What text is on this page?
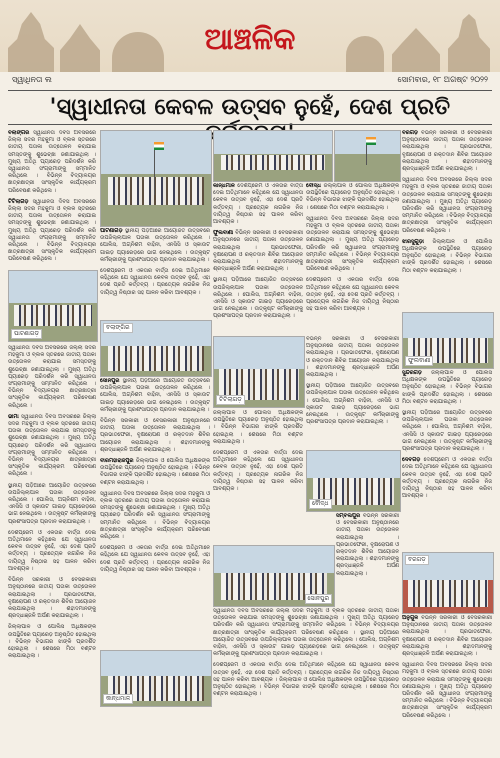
ଆଞ୍ଚଳିକ
ସ୍ୱାଧିନତା ଲ	ସୋମବାର, ୧୮ ଅଗଷ୍ଟ ୨୦୨୨
'ସ୍ୱାଧୀନତା କେବଳ ଉତ୍ସବ ନୁହେଁ, ଦେଶ ପ୍ରତି

ବଲାଙ୍ଗିର ସ୍ୱାଧୀନତା ଦିବସ ଅବସରରେ ଜିଲ୍ଲା ସଦର ମହକୁମା ଓ ବ୍ଲକ ସ୍ତରରେ ଜାତୀୟ ପତାକା ଉତ୍ତୋଳନ କରାଯାଇ ସମସ୍ତଙ୍କୁ ଶୁଭେଚ୍ଛା ଜଣାଯାଇଥିଲା । ମୁଖ୍ୟ ଅତିଥି ପ୍ୟାରେଡ଼ ପରିଦର୍ଶନ କରି ସ୍ୱାଧୀନତା ସଂଗ୍ରାମୀଙ୍କୁ ସମ୍ମାନିତ କରିଥିଲେ । ବିଭିନ୍ନ ବିଦ୍ୟାଳୟର ଛାତ୍ରଛାତ୍ରୀ ସାଂସ୍କୃତିକ କାର୍ଯ୍ୟକ୍ରମ ପରିବେଷଣ କରିଥିଲେ ।

ଟିଟିଲାଗଡ଼ ସ୍ୱାଧୀନତା ଦିବସ ଅବସରରେ ଜିଲ୍ଲା ସଦର ମହକୁମା ଓ ବ୍ଲକ ସ୍ତରରେ ଜାତୀୟ ପତାକା ଉତ୍ତୋଳନ କରାଯାଇ ସମସ୍ତଙ୍କୁ ଶୁଭେଚ୍ଛା ଜଣାଯାଇଥିଲା । ମୁଖ୍ୟ ଅତିଥି ପ୍ୟାରେଡ଼ ପରିଦର୍ଶନ କରି ସ୍ୱାଧୀନତା ସଂଗ୍ରାମୀଙ୍କୁ ସମ୍ମାନିତ କରିଥିଲେ । ବିଭିନ୍ନ ବିଦ୍ୟାଳୟର ଛାତ୍ରଛାତ୍ରୀ ସାଂସ୍କୃତିକ କାର୍ଯ୍ୟକ୍ରମ ପରିବେଷଣ କରିଥିଲେ ।

ପାଟଣାଗଡ଼

ସ୍ୱାଧୀନତା ଦିବସ ଅବସରରେ ଜିଲ୍ଲା ସଦର ମହକୁମା ଓ ବ୍ଲକ ସ୍ତରରେ ଜାତୀୟ ପତାକା ଉତ୍ତୋଳନ କରାଯାଇ ସମସ୍ତଙ୍କୁ ଶୁଭେଚ୍ଛା ଜଣାଯାଇଥିଲା । ମୁଖ୍ୟ ଅତିଥି ପ୍ୟାରେଡ଼ ପରିଦର୍ଶନ କରି ସ୍ୱାଧୀନତା ସଂଗ୍ରାମୀଙ୍କୁ ସମ୍ମାନିତ କରିଥିଲେ । ବିଭିନ୍ନ ବିଦ୍ୟାଳୟର ଛାତ୍ରଛାତ୍ରୀ ସାଂସ୍କୃତିକ କାର୍ଯ୍ୟକ୍ରମ ପରିବେଷଣ କରିଥିଲେ ।

ଭୀମା ସ୍ୱାଧୀନତା ଦିବସ ଅବସରରେ ଜିଲ୍ଲା ସଦର ମହକୁମା ଓ ବ୍ଲକ ସ୍ତରରେ ଜାତୀୟ ପତାକା ଉତ୍ତୋଳନ କରାଯାଇ ସମସ୍ତଙ୍କୁ ଶୁଭେଚ୍ଛା ଜଣାଯାଇଥିଲା । ମୁଖ୍ୟ ଅତିଥି ପ୍ୟାରେଡ଼ ପରିଦର୍ଶନ କରି ସ୍ୱାଧୀନତା ସଂଗ୍ରାମୀଙ୍କୁ ସମ୍ମାନିତ କରିଥିଲେ । ବିଭିନ୍ନ ବିଦ୍ୟାଳୟର ଛାତ୍ରଛାତ୍ରୀ ସାଂସ୍କୃତିକ କାର୍ଯ୍ୟକ୍ରମ ପରିବେଷଣ କରିଥିଲେ ।

ସ୍ଥାନୀୟ ପଡ଼ିଆରେ ଆୟୋଜିତ ଉତ୍ସବରେ ଉପଜିଲ୍ଲାପାଳ ପତାକା ଉତ୍ତୋଳନ କରିଥିଲେ । ପୋଲିସ, ଅଗ୍ନିଶମ ବାହିନୀ, ଏନସିସି ଓ ସ୍କାଉଟ ଗାଇଡ଼ ପ୍ୟାରେଡ଼ରେ ଭାଗ ନେଇଥିଲେ । ଉତ୍କୃଷ୍ଟ କର୍ମଚାରୀଙ୍କୁ ପ୍ରଶଂସାପତ୍ର ପ୍ରଦାନ କରାଯାଇଥିଲା ।

ଦେଶପ୍ରେମ ଓ ଏକତାର ବାର୍ତ୍ତା ଦେଇ ଅତିଥିମାନେ କହିଥିଲେ ଯେ ସ୍ୱାଧୀନତା କେବଳ ଉତ୍ସବ ନୁହେଁ, ଏହା ଦେଶ ପ୍ରତି କର୍ତ୍ତବ୍ୟ । ପ୍ରତ୍ୟେକ ନାଗରିକ ନିଜ ଦାୟିତ୍ୱ ନିଷ୍ଠାର ସହ ପାଳନ କରିବା ଆବଶ୍ୟକ ।

ବିଭିନ୍ନ ସରକାରୀ ଓ ବେସରକାରୀ ଅନୁଷ୍ଠାନରେ ଜାତୀୟ ପତାକା ଉତ୍ତୋଳନ କରାଯାଇଥିଲା । ପ୍ରଭାତଫେରୀ, ବୃକ୍ଷରୋପଣ ଓ ରକ୍ତଦାନ ଶିବିର ଆୟୋଜନ କରାଯାଇଥିଲା । ଶହୀଦମାନଙ୍କୁ ଶ୍ରଦ୍ଧାଞ୍ଜଳି ଅର୍ପଣ କରାଯାଇଥିଲା ।

ଜିଲ୍ଲାପାଳ ଓ ପୋଲିସ ଅଧିକ୍ଷକଙ୍କ ଉପସ୍ଥିତିରେ ପ୍ୟାରେଡ଼ ଅନୁଷ୍ଠିତ ହୋଇଥିଲା । ବିଭିନ୍ନ ବିଭାଗର ଝାଙ୍କି ପ୍ରଦର୍ଶିତ ହୋଇଥିଲା । ଶେଷରେ ମିଠା ବଣ୍ଟନ କରାଯାଇଥିଲା ।

ପାଟଣାଗଡ଼ ସ୍ଥାନୀୟ ପଡ଼ିଆରେ ଆୟୋଜିତ ଉତ୍ସବରେ ଉପଜିଲ୍ଲାପାଳ ପତାକା ଉତ୍ତୋଳନ କରିଥିଲେ । ପୋଲିସ, ଅଗ୍ନିଶମ ବାହିନୀ, ଏନସିସି ଓ ସ୍କାଉଟ ଗାଇଡ଼ ପ୍ୟାରେଡ଼ରେ ଭାଗ ନେଇଥିଲେ । ଉତ୍କୃଷ୍ଟ କର୍ମଚାରୀଙ୍କୁ ପ୍ରଶଂସାପତ୍ର ପ୍ରଦାନ କରାଯାଇଥିଲା ।

ଦେଶପ୍ରେମ ଓ ଏକତାର ବାର୍ତ୍ତା ଦେଇ ଅତିଥିମାନେ କହିଥିଲେ ଯେ ସ୍ୱାଧୀନତା କେବଳ ଉତ୍ସବ ନୁହେଁ, ଏହା ଦେଶ ପ୍ରତି କର୍ତ୍ତବ୍ୟ । ପ୍ରତ୍ୟେକ ନାଗରିକ ନିଜ ଦାୟିତ୍ୱ ନିଷ୍ଠାର ସହ ପାଳନ କରିବା ଆବଶ୍ୟକ ।

ବଲାଙ୍ଗିର

ସୋନପୁର ସ୍ଥାନୀୟ ପଡ଼ିଆରେ ଆୟୋଜିତ ଉତ୍ସବରେ ଉପଜିଲ୍ଲାପାଳ ପତାକା ଉତ୍ତୋଳନ କରିଥିଲେ । ପୋଲିସ, ଅଗ୍ନିଶମ ବାହିନୀ, ଏନସିସି ଓ ସ୍କାଉଟ ଗାଇଡ଼ ପ୍ୟାରେଡ଼ରେ ଭାଗ ନେଇଥିଲେ । ଉତ୍କୃଷ୍ଟ କର୍ମଚାରୀଙ୍କୁ ପ୍ରଶଂସାପତ୍ର ପ୍ରଦାନ କରାଯାଇଥିଲା ।

ବିଭିନ୍ନ ସରକାରୀ ଓ ବେସରକାରୀ ଅନୁଷ୍ଠାନରେ ଜାତୀୟ ପତାକା ଉତ୍ତୋଳନ କରାଯାଇଥିଲା । ପ୍ରଭାତଫେରୀ, ବୃକ୍ଷରୋପଣ ଓ ରକ୍ତଦାନ ଶିବିର ଆୟୋଜନ କରାଯାଇଥିଲା । ଶହୀଦମାନଙ୍କୁ ଶ୍ରଦ୍ଧାଞ୍ଜଳି ଅର୍ପଣ କରାଯାଇଥିଲା ।

ବୀରମହାରାଜପୁର ଜିଲ୍ଲାପାଳ ଓ ପୋଲିସ ଅଧିକ୍ଷକଙ୍କ ଉପସ୍ଥିତିରେ ପ୍ୟାରେଡ଼ ଅନୁଷ୍ଠିତ ହୋଇଥିଲା । ବିଭିନ୍ନ ବିଭାଗର ଝାଙ୍କି ପ୍ରଦର୍ଶିତ ହୋଇଥିଲା । ଶେଷରେ ମିଠା ବଣ୍ଟନ କରାଯାଇଥିଲା ।

ସ୍ୱାଧୀନତା ଦିବସ ଅବସରରେ ଜିଲ୍ଲା ସଦର ମହକୁମା ଓ ବ୍ଲକ ସ୍ତରରେ ଜାତୀୟ ପତାକା ଉତ୍ତୋଳନ କରାଯାଇ ସମସ୍ତଙ୍କୁ ଶୁଭେଚ୍ଛା ଜଣାଯାଇଥିଲା । ମୁଖ୍ୟ ଅତିଥି ପ୍ୟାରେଡ଼ ପରିଦର୍ଶନ କରି ସ୍ୱାଧୀନତା ସଂଗ୍ରାମୀଙ୍କୁ ସମ୍ମାନିତ କରିଥିଲେ । ବିଭିନ୍ନ ବିଦ୍ୟାଳୟର ଛାତ୍ରଛାତ୍ରୀ ସାଂସ୍କୃତିକ କାର୍ଯ୍ୟକ୍ରମ ପରିବେଷଣ କରିଥିଲେ ।

ଦେଶପ୍ରେମ ଓ ଏକତାର ବାର୍ତ୍ତା ଦେଇ ଅତିଥିମାନେ କହିଥିଲେ ଯେ ସ୍ୱାଧୀନତା କେବଳ ଉତ୍ସବ ନୁହେଁ, ଏହା ଦେଶ ପ୍ରତି କର୍ତ୍ତବ୍ୟ । ପ୍ରତ୍ୟେକ ନାଗରିକ ନିଜ ଦାୟିତ୍ୱ ନିଷ୍ଠାର ସହ ପାଳନ କରିବା ଆବଶ୍ୟକ ।

କାନ୍ଧମାଳ ଦେଶପ୍ରେମ ଓ ଏକତାର ବାର୍ତ୍ତା ଦେଇ ଅତିଥିମାନେ କହିଥିଲେ ଯେ ସ୍ୱାଧୀନତା କେବଳ ଉତ୍ସବ ନୁହେଁ, ଏହା ଦେଶ ପ୍ରତି କର୍ତ୍ତବ୍ୟ । ପ୍ରତ୍ୟେକ ନାଗରିକ ନିଜ ଦାୟିତ୍ୱ ନିଷ୍ଠାର ସହ ପାଳନ କରିବା ଆବଶ୍ୟକ ।

ଫୁଲବାଣୀ ବିଭିନ୍ନ ସରକାରୀ ଓ ବେସରକାରୀ ଅନୁଷ୍ଠାନରେ ଜାତୀୟ ପତାକା ଉତ୍ତୋଳନ କରାଯାଇଥିଲା । ପ୍ରଭାତଫେରୀ, ବୃକ୍ଷରୋପଣ ଓ ରକ୍ତଦାନ ଶିବିର ଆୟୋଜନ କରାଯାଇଥିଲା । ଶହୀଦମାନଙ୍କୁ ଶ୍ରଦ୍ଧାଞ୍ଜଳି ଅର୍ପଣ କରାଯାଇଥିଲା ।

ସ୍ଥାନୀୟ ପଡ଼ିଆରେ ଆୟୋଜିତ ଉତ୍ସବରେ ଉପଜିଲ୍ଲାପାଳ ପତାକା ଉତ୍ତୋଳନ କରିଥିଲେ । ପୋଲିସ, ଅଗ୍ନିଶମ ବାହିନୀ, ଏନସିସି ଓ ସ୍କାଉଟ ଗାଇଡ଼ ପ୍ୟାରେଡ଼ରେ ଭାଗ ନେଇଥିଲେ । ଉତ୍କୃଷ୍ଟ କର୍ମଚାରୀଙ୍କୁ ପ୍ରଶଂସାପତ୍ର ପ୍ରଦାନ କରାଯାଇଥିଲା ।

ବୌଦ୍ଧ ଜିଲ୍ଲାପାଳ ଓ ପୋଲିସ ଅଧିକ୍ଷକଙ୍କ ଉପସ୍ଥିତିରେ ପ୍ୟାରେଡ଼ ଅନୁଷ୍ଠିତ ହୋଇଥିଲା । ବିଭିନ୍ନ ବିଭାଗର ଝାଙ୍କି ପ୍ରଦର୍ଶିତ ହୋଇଥିଲା । ଶେଷରେ ମିଠା ବଣ୍ଟନ କରାଯାଇଥିଲା ।

ସ୍ୱାଧୀନତା ଦିବସ ଅବସରରେ ଜିଲ୍ଲା ସଦର ମହକୁମା ଓ ବ୍ଲକ ସ୍ତରରେ ଜାତୀୟ ପତାକା ଉତ୍ତୋଳନ କରାଯାଇ ସମସ୍ତଙ୍କୁ ଶୁଭେଚ୍ଛା ଜଣାଯାଇଥିଲା । ମୁଖ୍ୟ ଅତିଥି ପ୍ୟାରେଡ଼ ପରିଦର୍ଶନ କରି ସ୍ୱାଧୀନତା ସଂଗ୍ରାମୀଙ୍କୁ ସମ୍ମାନିତ କରିଥିଲେ । ବିଭିନ୍ନ ବିଦ୍ୟାଳୟର ଛାତ୍ରଛାତ୍ରୀ ସାଂସ୍କୃତିକ କାର୍ଯ୍ୟକ୍ରମ ପରିବେଷଣ କରିଥିଲେ ।

ଦେଶପ୍ରେମ ଓ ଏକତାର ବାର୍ତ୍ତା ଦେଇ ଅତିଥିମାନେ କହିଥିଲେ ଯେ ସ୍ୱାଧୀନତା କେବଳ ଉତ୍ସବ ନୁହେଁ, ଏହା ଦେଶ ପ୍ରତି କର୍ତ୍ତବ୍ୟ । ପ୍ରତ୍ୟେକ ନାଗରିକ ନିଜ ଦାୟିତ୍ୱ ନିଷ୍ଠାର ସହ ପାଳନ କରିବା ଆବଶ୍ୟକ ।

ଟିଟିଲାଗଡ଼

ବିଭିନ୍ନ ସରକାରୀ ଓ ବେସରକାରୀ ଅନୁଷ୍ଠାନରେ ଜାତୀୟ ପତାକା ଉତ୍ତୋଳନ କରାଯାଇଥିଲା । ପ୍ରଭାତଫେରୀ, ବୃକ୍ଷରୋପଣ ଓ ରକ୍ତଦାନ ଶିବିର ଆୟୋଜନ କରାଯାଇଥିଲା । ଶହୀଦମାନଙ୍କୁ ଶ୍ରଦ୍ଧାଞ୍ଜଳି ଅର୍ପଣ କରାଯାଇଥିଲା ।

ସ୍ଥାନୀୟ ପଡ଼ିଆରେ ଆୟୋଜିତ ଉତ୍ସବରେ ଉପଜିଲ୍ଲାପାଳ ପତାକା ଉତ୍ତୋଳନ କରିଥିଲେ । ପୋଲିସ, ଅଗ୍ନିଶମ ବାହିନୀ, ଏନସିସି ଓ ସ୍କାଉଟ ଗାଇଡ଼ ପ୍ୟାରେଡ଼ରେ ଭାଗ ନେଇଥିଲେ । ଉତ୍କୃଷ୍ଟ କର୍ମଚାରୀଙ୍କୁ ପ୍ରଶଂସାପତ୍ର ପ୍ରଦାନ କରାଯାଇଥିଲା ।

ଜିଲ୍ଲାପାଳ ଓ ପୋଲିସ ଅଧିକ୍ଷକଙ୍କ ଉପସ୍ଥିତିରେ ପ୍ୟାରେଡ଼ ଅନୁଷ୍ଠିତ ହୋଇଥିଲା । ବିଭିନ୍ନ ବିଭାଗର ଝାଙ୍କି ପ୍ରଦର୍ଶିତ ହୋଇଥିଲା । ଶେଷରେ ମିଠା ବଣ୍ଟନ କରାଯାଇଥିଲା ।

ଦେଶପ୍ରେମ ଓ ଏକତାର ବାର୍ତ୍ତା ଦେଇ ଅତିଥିମାନେ କହିଥିଲେ ଯେ ସ୍ୱାଧୀନତା କେବଳ ଉତ୍ସବ ନୁହେଁ, ଏହା ଦେଶ ପ୍ରତି କର୍ତ୍ତବ୍ୟ । ପ୍ରତ୍ୟେକ ନାଗରିକ ନିଜ ଦାୟିତ୍ୱ ନିଷ୍ଠାର ସହ ପାଳନ କରିବା ଆବଶ୍ୟକ ।

ସୋନପୁର
ବୌଦ୍ଧ

ସମ୍ବଲପୁର ବିଭିନ୍ନ ସରକାରୀ ଓ ବେସରକାରୀ ଅନୁଷ୍ଠାନରେ ଜାତୀୟ ପତାକା ଉତ୍ତୋଳନ କରାଯାଇଥିଲା । ପ୍ରଭାତଫେରୀ, ବୃକ୍ଷରୋପଣ ଓ ରକ୍ତଦାନ ଶିବିର ଆୟୋଜନ କରାଯାଇଥିଲା । ଶହୀଦମାନଙ୍କୁ ଶ୍ରଦ୍ଧାଞ୍ଜଳି ଅର୍ପଣ କରାଯାଇଥିଲା ।

ସ୍ୱାଧୀନତା ଦିବସ ଅବସରରେ ଜିଲ୍ଲା ସଦର ମହକୁମା ଓ ବ୍ଲକ ସ୍ତରରେ ଜାତୀୟ ପତାକା ଉତ୍ତୋଳନ କରାଯାଇ ସମସ୍ତଙ୍କୁ ଶୁଭେଚ୍ଛା ଜଣାଯାଇଥିଲା । ମୁଖ୍ୟ ଅତିଥି ପ୍ୟାରେଡ଼ ପରିଦର୍ଶନ କରି ସ୍ୱାଧୀନତା ସଂଗ୍ରାମୀଙ୍କୁ ସମ୍ମାନିତ କରିଥିଲେ । ବିଭିନ୍ନ ବିଦ୍ୟାଳୟର ଛାତ୍ରଛାତ୍ରୀ ସାଂସ୍କୃତିକ କାର୍ଯ୍ୟକ୍ରମ ପରିବେଷଣ କରିଥିଲେ । ସ୍ଥାନୀୟ ପଡ଼ିଆରେ ଆୟୋଜିତ ଉତ୍ସବରେ ଉପଜିଲ୍ଲାପାଳ ପତାକା ଉତ୍ତୋଳନ କରିଥିଲେ । ପୋଲିସ, ଅଗ୍ନିଶମ ବାହିନୀ, ଏନସିସି ଓ ସ୍କାଉଟ ଗାଇଡ଼ ପ୍ୟାରେଡ଼ରେ ଭାଗ ନେଇଥିଲେ । ଉତ୍କୃଷ୍ଟ କର୍ମଚାରୀଙ୍କୁ ପ୍ରଶଂସାପତ୍ର ପ୍ରଦାନ କରାଯାଇଥିଲା ।

ଦେଶପ୍ରେମ ଓ ଏକତାର ବାର୍ତ୍ତା ଦେଇ ଅତିଥିମାନେ କହିଥିଲେ ଯେ ସ୍ୱାଧୀନତା କେବଳ ଉତ୍ସବ ନୁହେଁ, ଏହା ଦେଶ ପ୍ରତି କର୍ତ୍ତବ୍ୟ । ପ୍ରତ୍ୟେକ ନାଗରିକ ନିଜ ଦାୟିତ୍ୱ ନିଷ୍ଠାର ସହ ପାଳନ କରିବା ଆବଶ୍ୟକ । ଜିଲ୍ଲାପାଳ ଓ ପୋଲିସ ଅଧିକ୍ଷକଙ୍କ ଉପସ୍ଥିତିରେ ପ୍ୟାରେଡ଼ ଅନୁଷ୍ଠିତ ହୋଇଥିଲା । ବିଭିନ୍ନ ବିଭାଗର ଝାଙ୍କି ପ୍ରଦର୍ଶିତ ହୋଇଥିଲା । ଶେଷରେ ମିଠା ବଣ୍ଟନ କରାଯାଇଥିଲା ।

ବରଗଡ଼ ବିଭିନ୍ନ ସରକାରୀ ଓ ବେସରକାରୀ ଅନୁଷ୍ଠାନରେ ଜାତୀୟ ପତାକା ଉତ୍ତୋଳନ କରାଯାଇଥିଲା । ପ୍ରଭାତଫେରୀ, ବୃକ୍ଷରୋପଣ ଓ ରକ୍ତଦାନ ଶିବିର ଆୟୋଜନ କରାଯାଇଥିଲା । ଶହୀଦମାନଙ୍କୁ ଶ୍ରଦ୍ଧାଞ୍ଜଳି ଅର୍ପଣ କରାଯାଇଥିଲା ।

ସ୍ୱାଧୀନତା ଦିବସ ଅବସରରେ ଜିଲ୍ଲା ସଦର ମହକୁମା ଓ ବ୍ଲକ ସ୍ତରରେ ଜାତୀୟ ପତାକା ଉତ୍ତୋଳନ କରାଯାଇ ସମସ୍ତଙ୍କୁ ଶୁଭେଚ୍ଛା ଜଣାଯାଇଥିଲା । ମୁଖ୍ୟ ଅତିଥି ପ୍ୟାରେଡ଼ ପରିଦର୍ଶନ କରି ସ୍ୱାଧୀନତା ସଂଗ୍ରାମୀଙ୍କୁ ସମ୍ମାନିତ କରିଥିଲେ । ବିଭିନ୍ନ ବିଦ୍ୟାଳୟର ଛାତ୍ରଛାତ୍ରୀ ସାଂସ୍କୃତିକ କାର୍ଯ୍ୟକ୍ରମ ପରିବେଷଣ କରିଥିଲେ ।

ଝାରସୁଗୁଡ଼ା ଜିଲ୍ଲାପାଳ ଓ ପୋଲିସ ଅଧିକ୍ଷକଙ୍କ ଉପସ୍ଥିତିରେ ପ୍ୟାରେଡ଼ ଅନୁଷ୍ଠିତ ହୋଇଥିଲା । ବିଭିନ୍ନ ବିଭାଗର ଝାଙ୍କି ପ୍ରଦର୍ଶିତ ହୋଇଥିଲା । ଶେଷରେ ମିଠା ବଣ୍ଟନ କରାଯାଇଥିଲା ।

ଫୁଲବାଣୀ

ସୁନ୍ଦରଗଡ଼ ଜିଲ୍ଲାପାଳ ଓ ପୋଲିସ ଅଧିକ୍ଷକଙ୍କ ଉପସ୍ଥିତିରେ ପ୍ୟାରେଡ଼ ଅନୁଷ୍ଠିତ ହୋଇଥିଲା । ବିଭିନ୍ନ ବିଭାଗର ଝାଙ୍କି ପ୍ରଦର୍ଶିତ ହୋଇଥିଲା । ଶେଷରେ ମିଠା ବଣ୍ଟନ କରାଯାଇଥିଲା ।

ସ୍ଥାନୀୟ ପଡ଼ିଆରେ ଆୟୋଜିତ ଉତ୍ସବରେ ଉପଜିଲ୍ଲାପାଳ ପତାକା ଉତ୍ତୋଳନ କରିଥିଲେ । ପୋଲିସ, ଅଗ୍ନିଶମ ବାହିନୀ, ଏନସିସି ଓ ସ୍କାଉଟ ଗାଇଡ଼ ପ୍ୟାରେଡ଼ରେ ଭାଗ ନେଇଥିଲେ । ଉତ୍କୃଷ୍ଟ କର୍ମଚାରୀଙ୍କୁ ପ୍ରଶଂସାପତ୍ର ପ୍ରଦାନ କରାଯାଇଥିଲା ।

ଦେବଗଡ଼ ଦେଶପ୍ରେମ ଓ ଏକତାର ବାର୍ତ୍ତା ଦେଇ ଅତିଥିମାନେ କହିଥିଲେ ଯେ ସ୍ୱାଧୀନତା କେବଳ ଉତ୍ସବ ନୁହେଁ, ଏହା ଦେଶ ପ୍ରତି କର୍ତ୍ତବ୍ୟ । ପ୍ରତ୍ୟେକ ନାଗରିକ ନିଜ ଦାୟିତ୍ୱ ନିଷ୍ଠାର ସହ ପାଳନ କରିବା ଆବଶ୍ୟକ ।

ବରଗଡ଼

ଅନୁଗୁଳ ବିଭିନ୍ନ ସରକାରୀ ଓ ବେସରକାରୀ ଅନୁଷ୍ଠାନରେ ଜାତୀୟ ପତାକା ଉତ୍ତୋଳନ କରାଯାଇଥିଲା । ପ୍ରଭାତଫେରୀ, ବୃକ୍ଷରୋପଣ ଓ ରକ୍ତଦାନ ଶିବିର ଆୟୋଜନ କରାଯାଇଥିଲା । ଶହୀଦମାନଙ୍କୁ ଶ୍ରଦ୍ଧାଞ୍ଜଳି ଅର୍ପଣ କରାଯାଇଥିଲା ।

ସ୍ୱାଧୀନତା ଦିବସ ଅବସରରେ ଜିଲ୍ଲା ସଦର ମହକୁମା ଓ ବ୍ଲକ ସ୍ତରରେ ଜାତୀୟ ପତାକା ଉତ୍ତୋଳନ କରାଯାଇ ସମସ୍ତଙ୍କୁ ଶୁଭେଚ୍ଛା ଜଣାଯାଇଥିଲା । ମୁଖ୍ୟ ଅତିଥି ପ୍ୟାରେଡ଼ ପରିଦର୍ଶନ କରି ସ୍ୱାଧୀନତା ସଂଗ୍ରାମୀଙ୍କୁ ସମ୍ମାନିତ କରିଥିଲେ । ବିଭିନ୍ନ ବିଦ୍ୟାଳୟର ଛାତ୍ରଛାତ୍ରୀ ସାଂସ୍କୃତିକ କାର୍ଯ୍ୟକ୍ରମ ପରିବେଷଣ କରିଥିଲେ ।

କାନ୍ଧମାଳ
